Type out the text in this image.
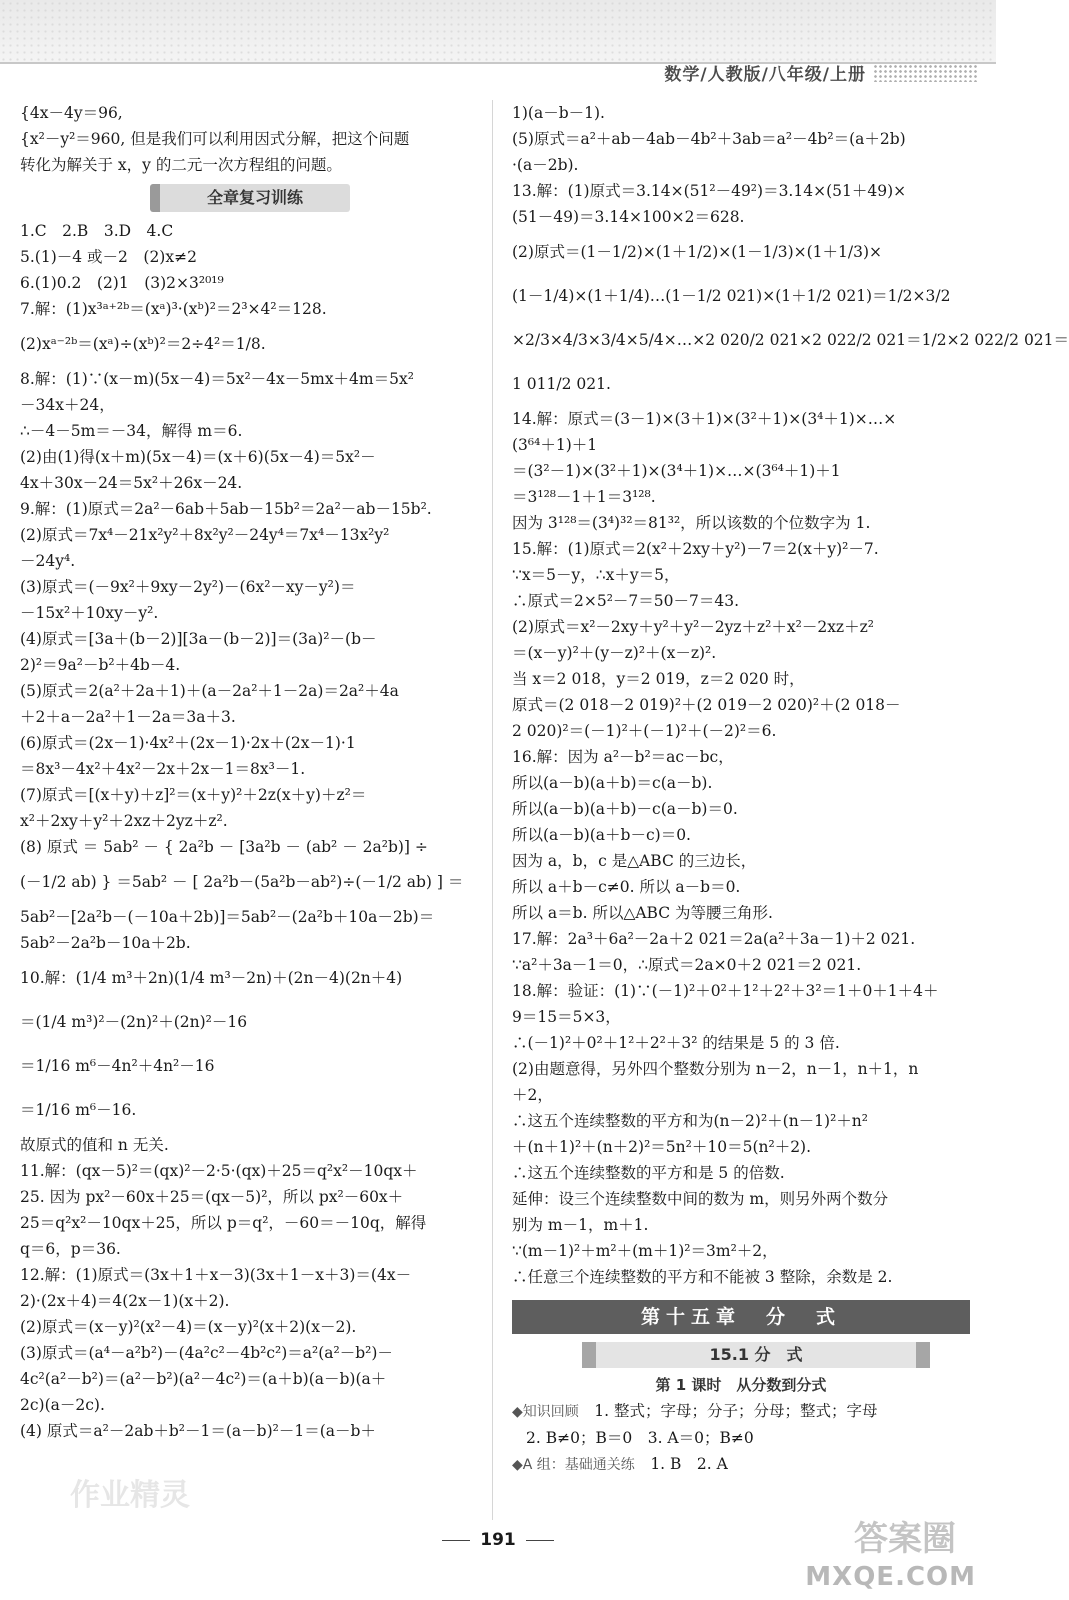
数学/人教版/八年级/上册
{4x－4y＝96,
{x²－y²＝960, 但是我们可以利用因式分解，把这个问题
转化为解关于 x，y 的二元一次方程组的问题。
全章复习训练
1.C　2.B　3.D　4.C
5.(1)－4 或－2　(2)x≠2
6.(1)0.2　(2)1　(3)2×3²⁰¹⁹
7.解：(1)x³ᵃ⁺²ᵇ＝(xᵃ)³·(xᵇ)²＝2³×4²＝128.
(2)xᵃ⁻²ᵇ＝(xᵃ)÷(xᵇ)²＝2÷4²＝1/8.
8.解：(1)∵(x－m)(5x－4)＝5x²－4x－5mx＋4m＝5x²
－34x＋24，
∴－4－5m＝－34，解得 m＝6.
(2)由(1)得(x＋m)(5x－4)＝(x＋6)(5x－4)＝5x²－
4x＋30x－24＝5x²＋26x－24.
9.解：(1)原式＝2a²－6ab＋5ab－15b²＝2a²－ab－15b².
(2)原式＝7x⁴－21x²y²＋8x²y²－24y⁴＝7x⁴－13x²y²
－24y⁴.
(3)原式＝(－9x²＋9xy－2y²)－(6x²－xy－y²)＝
－15x²＋10xy－y².
(4)原式＝[3a＋(b－2)][3a－(b－2)]＝(3a)²－(b－
2)²＝9a²－b²＋4b－4.
(5)原式＝2(a²＋2a＋1)＋(a－2a²＋1－2a)＝2a²＋4a
＋2＋a－2a²＋1－2a＝3a＋3.
(6)原式＝(2x－1)·4x²＋(2x－1)·2x＋(2x－1)·1
＝8x³－4x²＋4x²－2x＋2x－1＝8x³－1.
(7)原式＝[(x＋y)＋z]²＝(x＋y)²＋2z(x＋y)＋z²＝
x²＋2xy＋y²＋2xz＋2yz＋z².
(8) 原式 ＝ 5ab² － { 2a²b － [3a²b － (ab² － 2a²b)] ÷
(－1/2 ab) } ＝5ab² － [ 2a²b－(5a²b－ab²)÷(－1/2 ab) ] ＝
5ab²－[2a²b－(－10a＋2b)]＝5ab²－(2a²b＋10a－2b)＝
5ab²－2a²b－10a＋2b.
10.解：(1/4 m³＋2n)(1/4 m³－2n)＋(2n－4)(2n＋4)
＝(1/4 m³)²－(2n)²＋(2n)²－16
＝1/16 m⁶－4n²＋4n²－16
＝1/16 m⁶－16.
故原式的值和 n 无关.
11.解：(qx－5)²＝(qx)²－2·5·(qx)＋25＝q²x²－10qx＋
25. 因为 px²－60x＋25＝(qx－5)²，所以 px²－60x＋
25＝q²x²－10qx＋25，所以 p＝q²，－60＝－10q，解得
q＝6，p＝36.
12.解：(1)原式＝(3x＋1＋x－3)(3x＋1－x＋3)＝(4x－
2)·(2x＋4)＝4(2x－1)(x＋2).
(2)原式＝(x－y)²(x²－4)＝(x－y)²(x＋2)(x－2).
(3)原式＝(a⁴－a²b²)－(4a²c²－4b²c²)＝a²(a²－b²)－
4c²(a²－b²)＝(a²－b²)(a²－4c²)＝(a＋b)(a－b)(a＋
2c)(a－2c).
(4) 原式＝a²－2ab＋b²－1＝(a－b)²－1＝(a－b＋
1)(a－b－1).
(5)原式＝a²＋ab－4ab－4b²＋3ab＝a²－4b²＝(a＋2b)
·(a－2b).
13.解：(1)原式＝3.14×(51²－49²)＝3.14×(51＋49)×
(51－49)＝3.14×100×2＝628.
(2)原式＝(1－1/2)×(1＋1/2)×(1－1/3)×(1＋1/3)×
(1－1/4)×(1＋1/4)…(1－1/2 021)×(1＋1/2 021)＝1/2×3/2
×2/3×4/3×3/4×5/4×…×2 020/2 021×2 022/2 021＝1/2×2 022/2 021＝
1 011/2 021.
14.解：原式＝(3－1)×(3＋1)×(3²＋1)×(3⁴＋1)×…×
(3⁶⁴＋1)＋1
＝(3²－1)×(3²＋1)×(3⁴＋1)×…×(3⁶⁴＋1)＋1
＝3¹²⁸－1＋1＝3¹²⁸.
因为 3¹²⁸＝(3⁴)³²＝81³²，所以该数的个位数字为 1.
15.解：(1)原式＝2(x²＋2xy＋y²)－7＝2(x＋y)²－7.
∵x＝5－y，∴x＋y＝5，
∴原式＝2×5²－7＝50－7＝43.
(2)原式＝x²－2xy＋y²＋y²－2yz＋z²＋x²－2xz＋z²
＝(x－y)²＋(y－z)²＋(x－z)².
当 x＝2 018，y＝2 019，z＝2 020 时，
原式＝(2 018－2 019)²＋(2 019－2 020)²＋(2 018－
2 020)²＝(－1)²＋(－1)²＋(－2)²＝6.
16.解：因为 a²－b²＝ac－bc，
所以(a－b)(a＋b)＝c(a－b).
所以(a－b)(a＋b)－c(a－b)＝0.
所以(a－b)(a＋b－c)＝0.
因为 a，b，c 是△ABC 的三边长，
所以 a＋b－c≠0. 所以 a－b＝0.
所以 a＝b. 所以△ABC 为等腰三角形.
17.解：2a³＋6a²－2a＋2 021＝2a(a²＋3a－1)＋2 021.
∵a²＋3a－1＝0，∴原式＝2a×0＋2 021＝2 021.
18.解：验证：(1)∵(－1)²＋0²＋1²＋2²＋3²＝1＋0＋1＋4＋
9＝15＝5×3，
∴(－1)²＋0²＋1²＋2²＋3² 的结果是 5 的 3 倍.
(2)由题意得，另外四个整数分别为 n－2，n－1，n＋1，n
＋2，
∴这五个连续整数的平方和为(n－2)²＋(n－1)²＋n²
＋(n＋1)²＋(n＋2)²＝5n²＋10＝5(n²＋2).
∴这五个连续整数的平方和是 5 的倍数.
延伸：设三个连续整数中间的数为 m，则另外两个数分
别为 m－1，m＋1.
∵(m－1)²＋m²＋(m＋1)²＝3m²＋2，
∴任意三个连续整数的平方和不能被 3 整除，余数是 2.
第十五章　分　式
15.1 分　式
第 1 课时　从分数到分式
◆知识回顾　 1. 整式；字母；分子；分母；整式；字母
2. B≠0；B＝0　3. A＝0；B≠0
◆A 组：基础通关练　 1. B　2. A
191
作业精灵
答案圈
MXQE.COM
